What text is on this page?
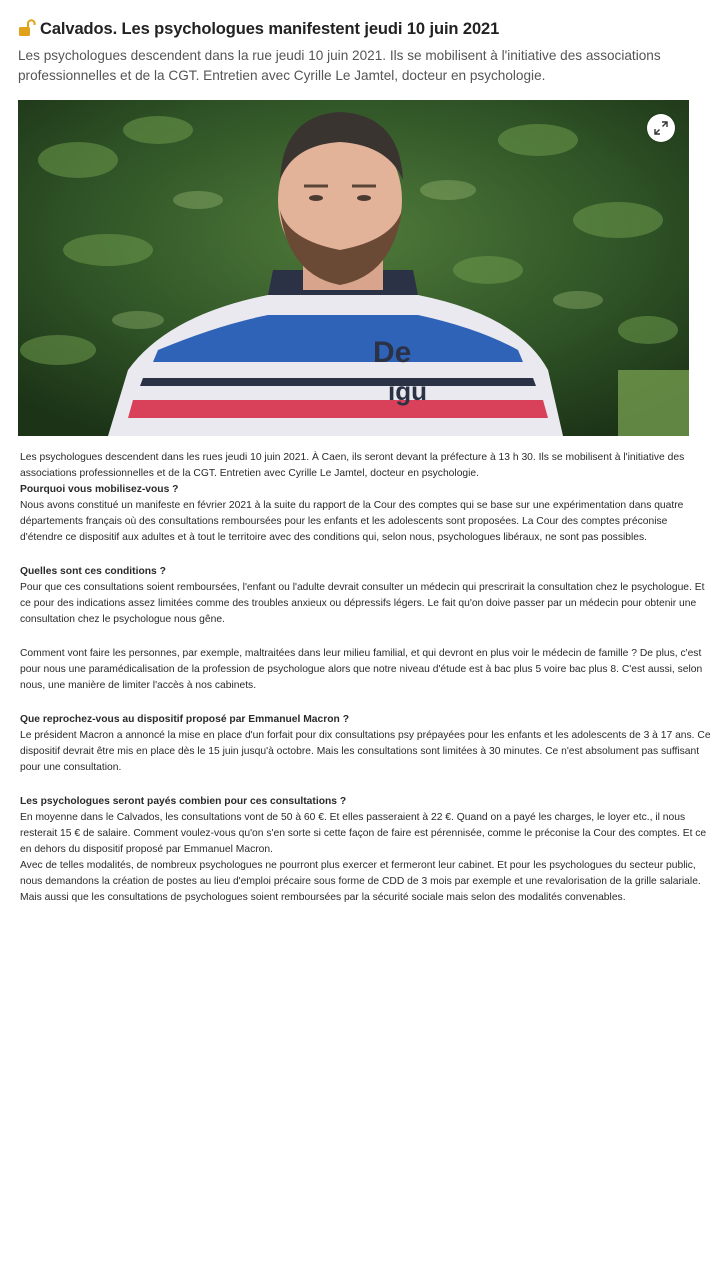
Calvados. Les psychologues manifestent jeudi 10 juin 2021

Les psychologues descendent dans la rue jeudi 10 juin 2021. Ils se mobilisent à l'initiative des associations professionnelles et de la CGT. Entretien avec Cyrille Le Jamtel, docteur en psychologie.

De
igu

Les psychologues descendent dans les rues jeudi 10 juin 2021. À Caen, ils seront devant la préfecture à 13 h 30. Ils se mobilisent à l'initiative des associations professionnelles et de la CGT. Entretien avec Cyrille Le Jamtel, docteur en psychologie.

Pourquoi vous mobilisez-vous ?

Nous avons constitué un manifeste en février 2021 à la suite du rapport de la Cour des comptes qui se base sur une expérimentation dans quatre départements français où des consultations remboursées pour les enfants et les adolescents sont proposées. La Cour des comptes préconise d'étendre ce dispositif aux adultes et à tout le territoire avec des conditions qui, selon nous, psychologues libéraux, ne sont pas possibles.

Quelles sont ces conditions ?

Pour que ces consultations soient remboursées, l'enfant ou l'adulte devrait consulter un médecin qui prescrirait la consultation chez le psychologue. Et ce pour des indications assez limitées comme des troubles anxieux ou dépressifs légers. Le fait qu'on doive passer par un médecin pour obtenir une consultation chez le psychologue nous gêne.

Comment vont faire les personnes, par exemple, maltraitées dans leur milieu familial, et qui devront en plus voir le médecin de famille ? De plus, c'est pour nous une paramédicalisation de la profession de psychologue alors que notre niveau d'étude est à bac plus 5 voire bac plus 8. C'est aussi, selon nous, une manière de limiter l'accès à nos cabinets.

Que reprochez-vous au dispositif proposé par Emmanuel Macron ?

Le président Macron a annoncé la mise en place d'un forfait pour dix consultations psy prépayées pour les enfants et les adolescents de 3 à 17 ans. Ce dispositif devrait être mis en place dès le 15 juin jusqu'à octobre. Mais les consultations sont limitées à 30 minutes. Ce n'est absolument pas suffisant pour une consultation.

Les psychologues seront payés combien pour ces consultations ?

En moyenne dans le Calvados, les consultations vont de 50 à 60 €. Et elles passeraient à 22 €. Quand on a payé les charges, le loyer etc., il nous resterait 15 € de salaire. Comment voulez-vous qu'on s'en sorte si cette façon de faire est pérennisée, comme le préconise la Cour des comptes. Et ce en dehors du dispositif proposé par Emmanuel Macron.

Avec de telles modalités, de nombreux psychologues ne pourront plus exercer et fermeront leur cabinet. Et pour les psychologues du secteur public, nous demandons la création de postes au lieu d'emploi précaire sous forme de CDD de 3 mois par exemple et une revalorisation de la grille salariale. Mais aussi que les consultations de psychologues soient remboursées par la sécurité sociale mais selon des modalités convenables.
